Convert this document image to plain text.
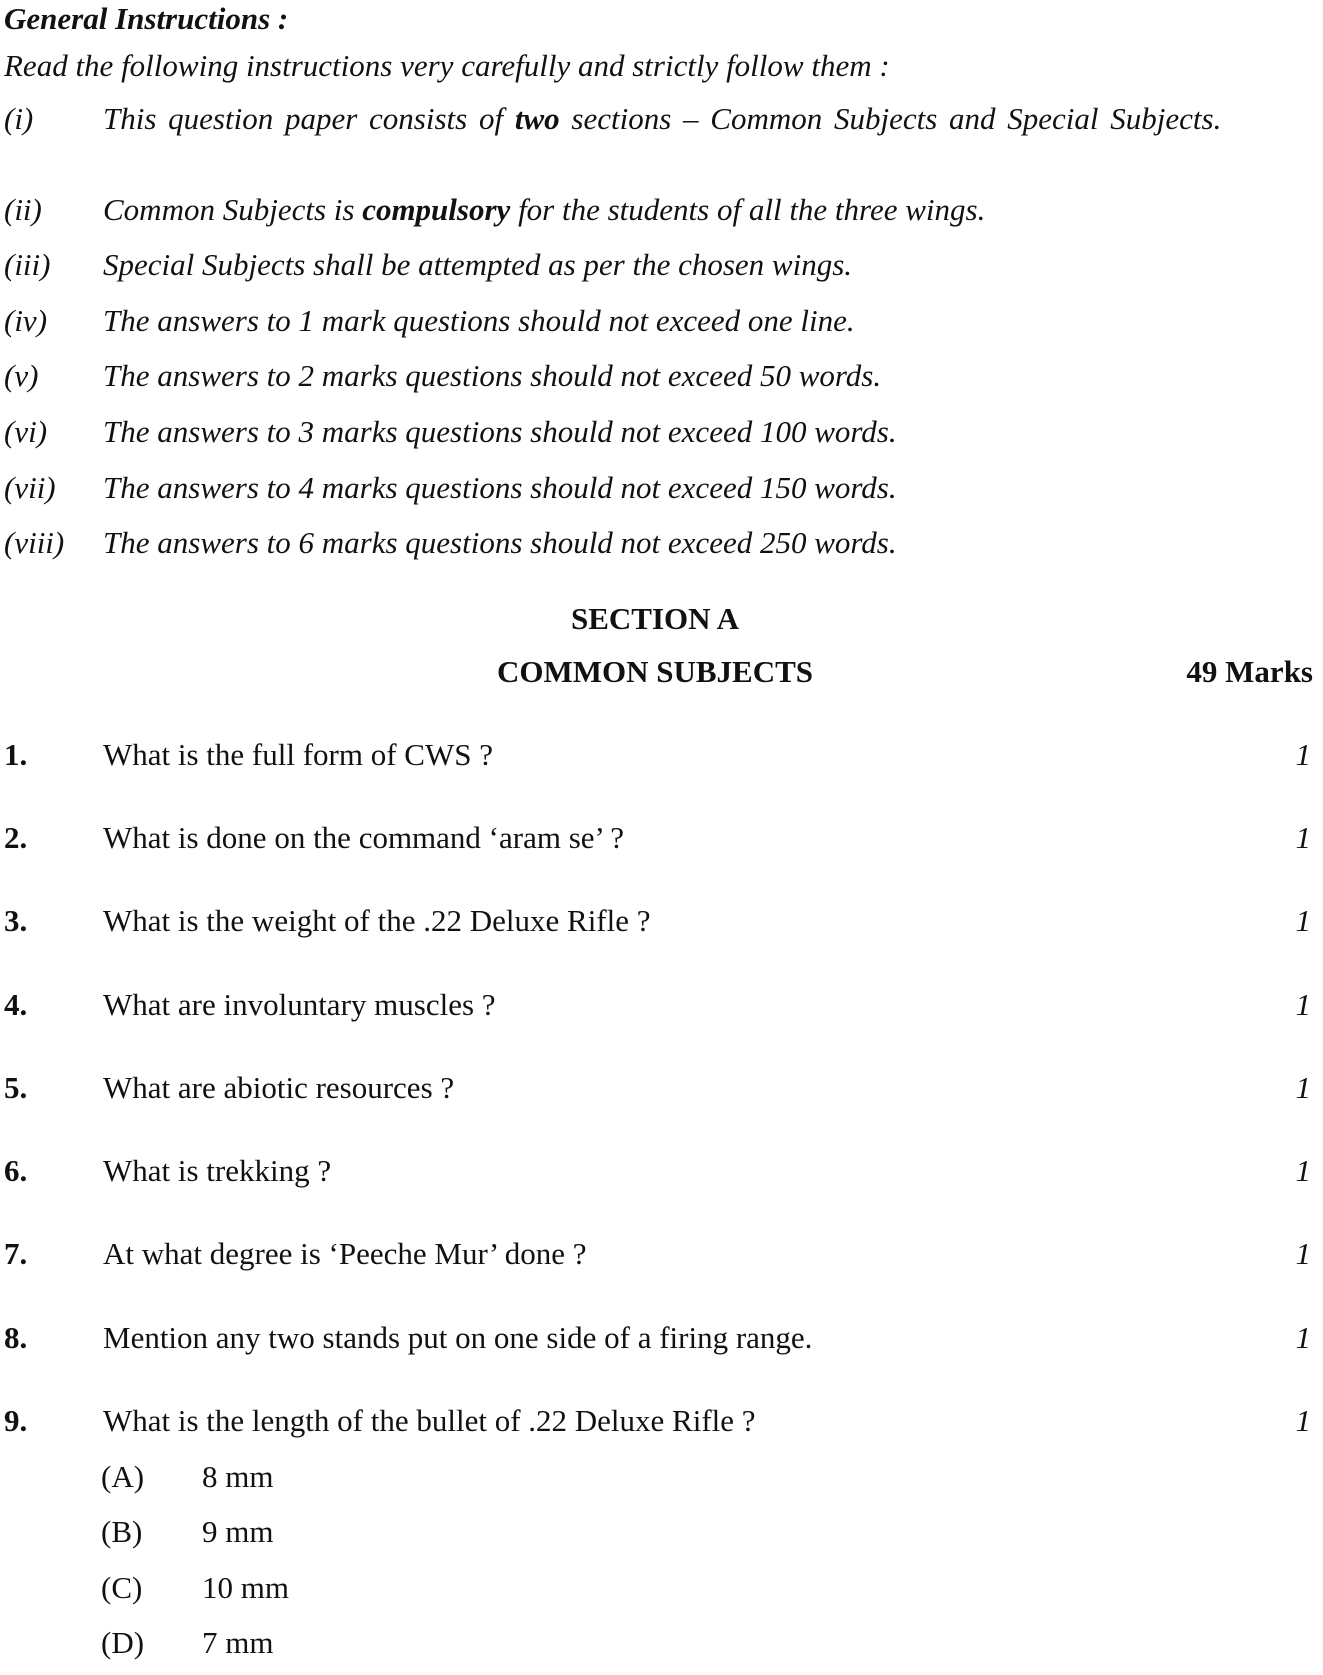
General Instructions :
Read the following instructions very carefully and strictly follow them :
(i) This question paper consists of two sections – Common Subjects and Special Subjects.
(ii) Common Subjects is compulsory for the students of all the three wings.
(iii) Special Subjects shall be attempted as per the chosen wings.
(iv) The answers to 1 mark questions should not exceed one line.
(v) The answers to 2 marks questions should not exceed 50 words.
(vi) The answers to 3 marks questions should not exceed 100 words.
(vii) The answers to 4 marks questions should not exceed 150 words.
(viii) The answers to 6 marks questions should not exceed 250 words.
SECTION A
COMMON SUBJECTS	49 Marks
1. What is the full form of CWS ?	1
2. What is done on the command ‘aram se’ ?	1
3. What is the weight of the .22 Deluxe Rifle ?	1
4. What are involuntary muscles ?	1
5. What are abiotic resources ?	1
6. What is trekking ?	1
7. At what degree is ‘Peeche Mur’ done ?	1
8. Mention any two stands put on one side of a firing range.	1
9. What is the length of the bullet of .22 Deluxe Rifle ?	1
(A) 8 mm
(B) 9 mm
(C) 10 mm
(D) 7 mm
